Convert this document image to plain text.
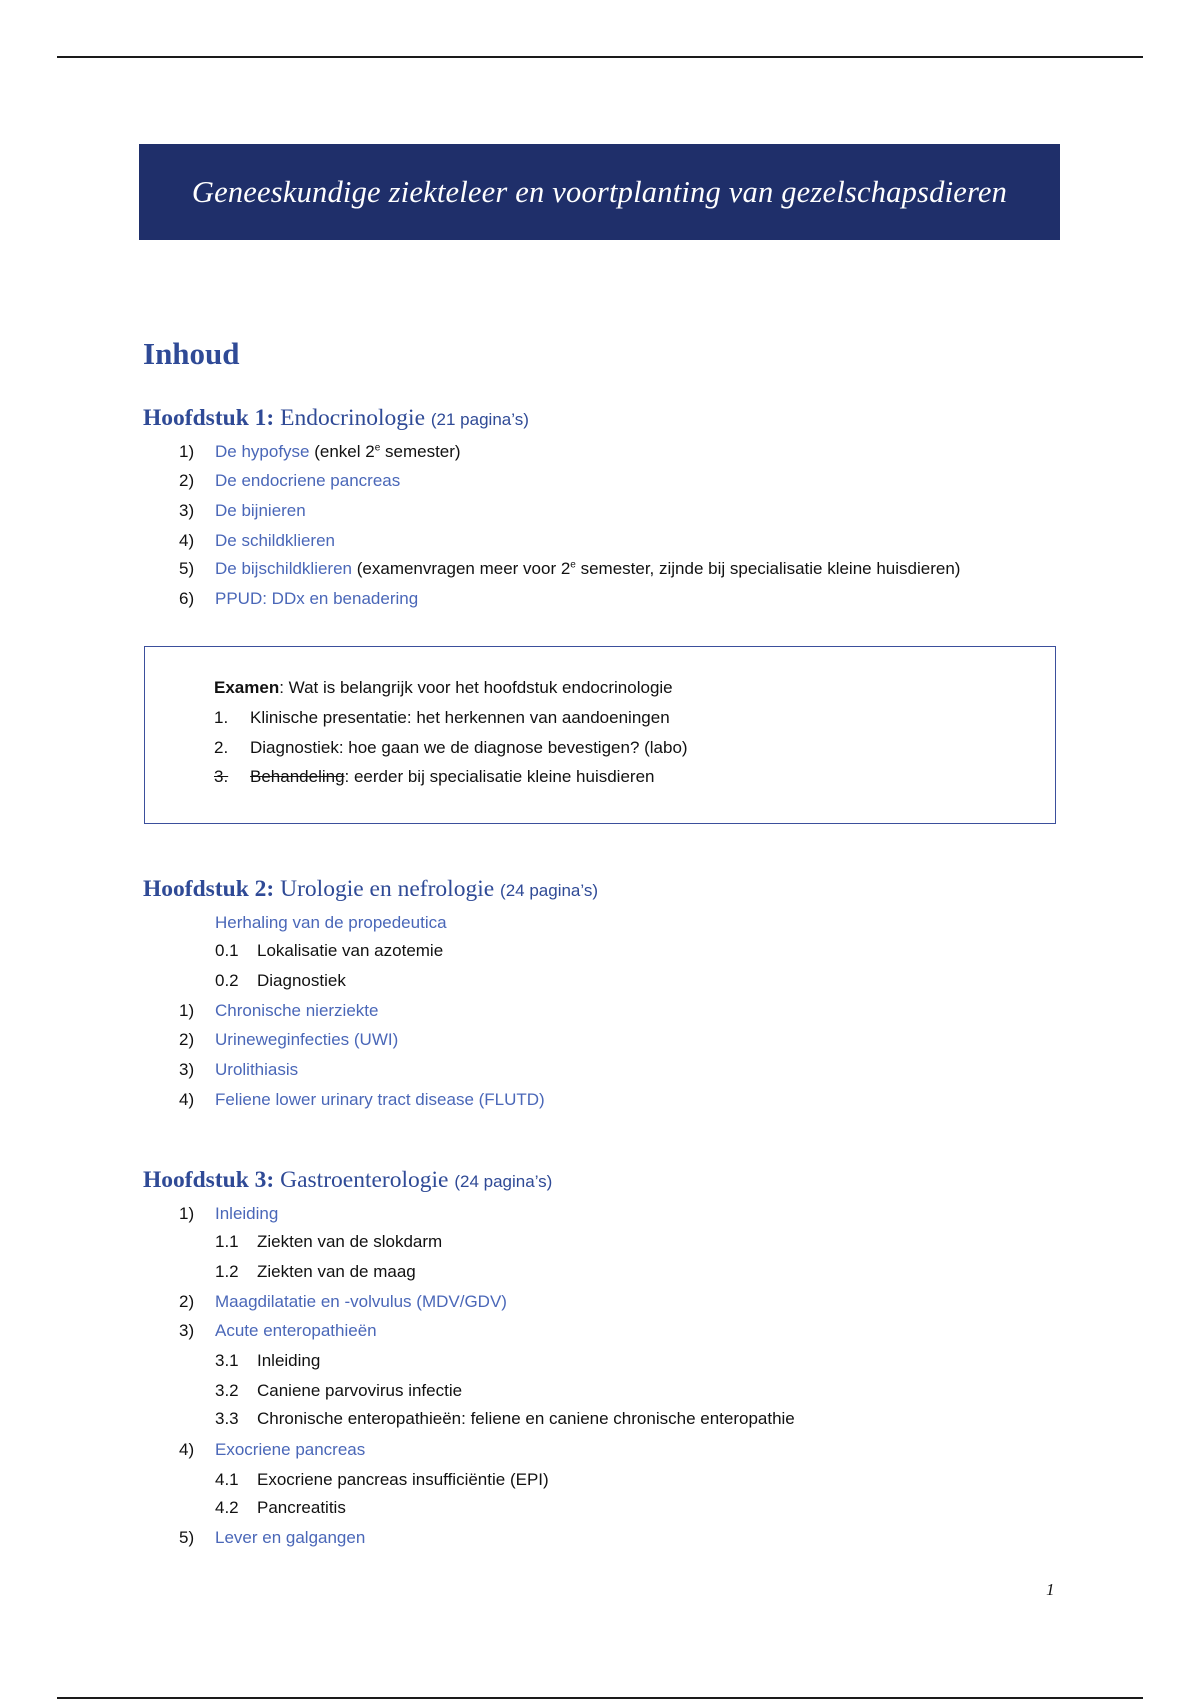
Geneeskundige ziekteleer en voortplanting van gezelschapsdieren
Inhoud
Hoofdstuk 1: Endocrinologie (21 pagina’s)
1) De hypofyse (enkel 2e semester)
2) De endocriene pancreas
3) De bijnieren
4) De schildklieren
5) De bijschildklieren (examenvragen meer voor 2e semester, zijnde bij specialisatie kleine huisdieren)
6) PPUD: DDx en benadering
Examen: Wat is belangrijk voor het hoofdstuk endocrinologie
1. Klinische presentatie: het herkennen van aandoeningen
2. Diagnostiek: hoe gaan we de diagnose bevestigen? (labo)
3. Behandeling: eerder bij specialisatie kleine huisdieren
Hoofdstuk 2: Urologie en nefrologie (24 pagina’s)
Herhaling van de propedeutica
0.1 Lokalisatie van azotemie
0.2 Diagnostiek
1) Chronische nierziekte
2) Urineweginfecties (UWI)
3) Urolithiasis
4) Feliene lower urinary tract disease (FLUTD)
Hoofdstuk 3: Gastroenterologie (24 pagina’s)
1) Inleiding
1.1 Ziekten van de slokdarm
1.2 Ziekten van de maag
2) Maagdilatatie en -volvulus (MDV/GDV)
3) Acute enteropathieën
3.1 Inleiding
3.2 Caniene parvovirus infectie
3.3 Chronische enteropathieën: feliene en caniene chronische enteropathie
4) Exocriene pancreas
4.1 Exocriene pancreas insufficiëntie (EPI)
4.2 Pancreatitis
5) Lever en galgangen
1
